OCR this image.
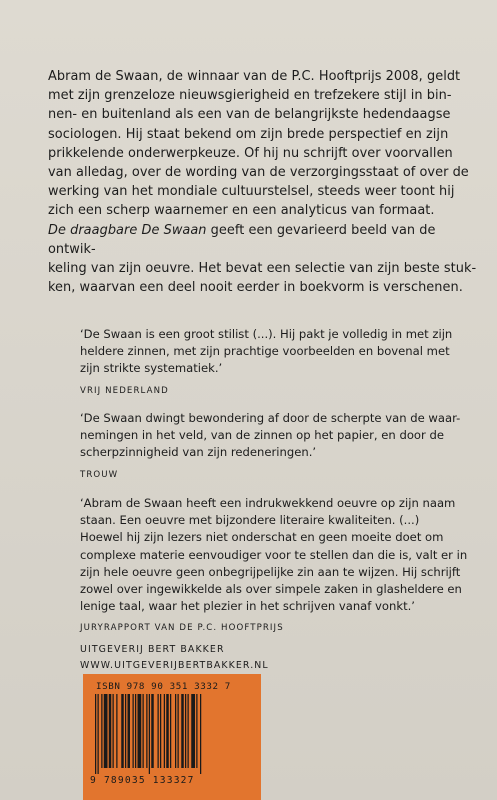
Abram de Swaan, de winnaar van de P.C. Hooftprijs 2008, geldt

met zijn grenzeloze nieuwsgierigheid en trefzekere stijl in bin-

nen- en buitenland als een van de belangrijkste hedendaagse

sociologen. Hij staat bekend om zijn brede perspectief en zijn

prikkelende onderwerpkeuze. Of hij nu schrijft over voorvallen

van alledag, over de wording van de verzorgingsstaat of over de

werking van het mondiale cultuurstelsel, steeds weer toont hij

zich een scherp waarnemer en een analyticus van formaat.

De draagbare De Swaan geeft een gevarieerd beeld van de ontwik-

keling van zijn oeuvre. Het bevat een selectie van zijn beste stuk-

ken, waarvan een deel nooit eerder in boekvorm is verschenen.

‘De Swaan is een groot stilist (...). Hij pakt je volledig in met zijn

heldere zinnen, met zijn prachtige voorbeelden en bovenal met

zijn strikte systematiek.’

VRIJ NEDERLAND

‘De Swaan dwingt bewondering af door de scherpte van de waar-

nemingen in het veld, van de zinnen op het papier, en door de

scherpzinnigheid van zijn redeneringen.’

TROUW

‘Abram de Swaan heeft een indrukwekkend oeuvre op zijn naam

staan. Een oeuvre met bijzondere literaire kwaliteiten. (...)

Hoewel hij zijn lezers niet onderschat en geen moeite doet om

complexe materie eenvoudiger voor te stellen dan die is, valt er in

zijn hele oeuvre geen onbegrijpelijke zin aan te wijzen. Hij schrijft

zowel over ingewikkelde als over simpele zaken in glasheldere en

lenige taal, waar het plezier in het schrijven vanaf vonkt.’

JURYRAPPORT VAN DE P.C. HOOFTPRIJS
UITGEVERIJ BERT BAKKER
WWW.UITGEVERIJBERTBAKKER.NL
ISBN 978 90 351 3332 7
9 789035 133327
